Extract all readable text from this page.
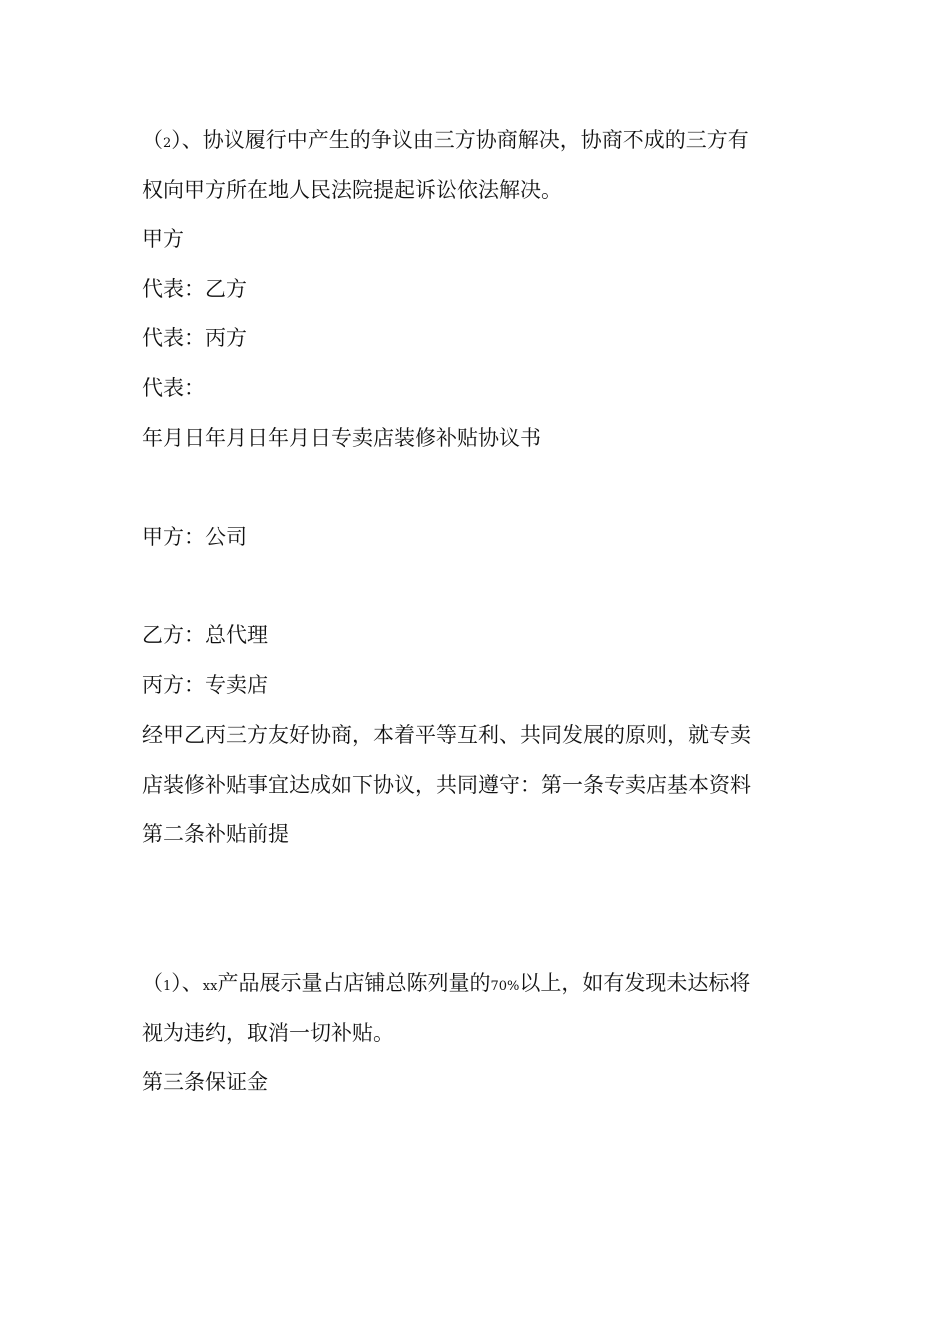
（2）、协议履行中产生的争议由三方协商解决，协商不成的三方有

权向甲方所在地人民法院提起诉讼依法解决。

甲方

代表：乙方

代表：丙方

代表：

年月日年月日年月日专卖店装修补贴协议书

甲方：公司

乙方：总代理

丙方：专卖店

经甲乙丙三方友好协商，本着平等互利、共同发展的原则，就专卖

店装修补贴事宜达成如下协议，共同遵守：第一条专卖店基本资料

第二条补贴前提

（1）、xx产品展示量占店铺总陈列量的70%以上，如有发现未达标将

视为违约，取消一切补贴。

第三条保证金
